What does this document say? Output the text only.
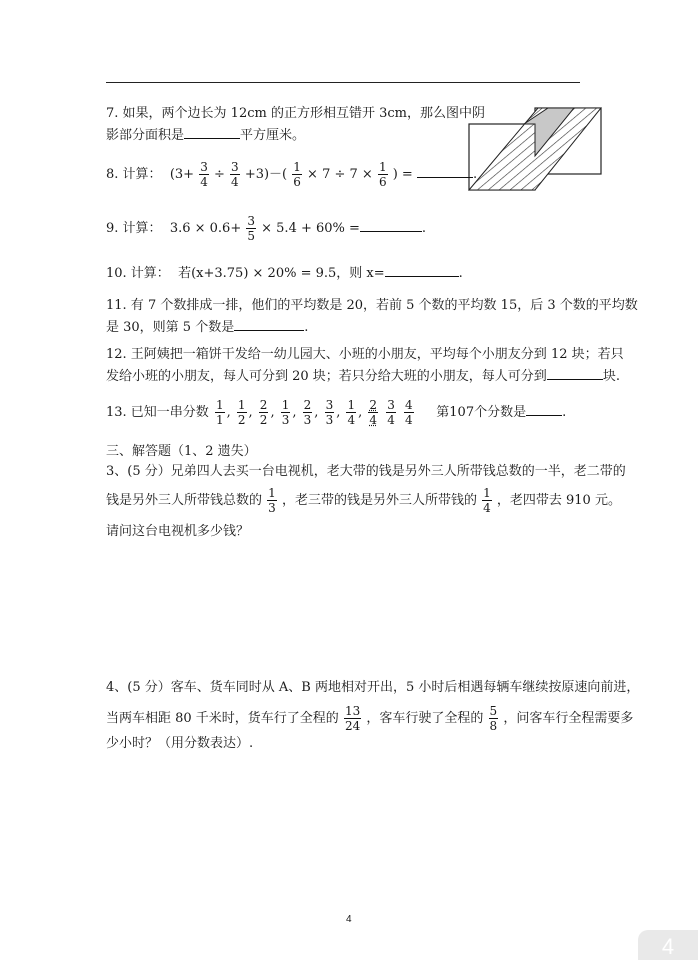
7. 如果，两个边长为 12cm 的正方形相互错开 3cm，那么图中阴
影部分面积是	平方厘米。
8. 计算： $(3+ \frac{3}{4} \div \frac{3}{4} +3)-( \frac{1}{6} \times 7 \div 7 \times \frac{1}{6}$ ) =	.
9. 计算： $3.6 \times 0.6+ \frac{3}{5} \times 5.4 + 60\%$ =	.
10. 计算： 若(x+3.75) × 20% = 9.5，则 x=	.
11. 有 7 个数排成一排，他们的平均数是 20，若前 5 个数的平均数 15，后 3 个数的平均数
是 30，则第 5 个数是	.
12. 王阿姨把一箱饼干发给一幼儿园大、小班的小朋友，平均每个小朋友分到 12 块；若只
发给小班的小朋友，每人可分到 20 块；若只分给大班的小朋友，每人可分到	块.
13. 已知一串分数 $\frac{1}{1}$ , $\frac{1}{2}$ , $\frac{2}{2}$ , $\frac{1}{3}$ , $\frac{2}{3}$ , $\frac{3}{3}$ , $\frac{1}{4}$ , $\frac{2}{4}$
$\frac{3}{4}$
$\frac{4}{4}$ 第107个分数是	.
三、解答题（1、2 遗失）
3、(5 分）兄弟四人去买一台电视机，老大带的钱是另外三人所带钱总数的一半，老二带的
钱是另外三人所带钱总数的 $\frac{1}{3}$ ，老三带的钱是另外三人所带钱的 $\frac{1}{4}$ ，老四带去 910 元。
请问这台电视机多少钱？
4、(5 分）客车、货车同时从 A、B 两地相对开出，5 小时后相遇每辆车继续按原速向前进，
当两车相距 80 千米时，货车行了全程的 $\frac{13}{24}$ ，客车行驶了全程的 $\frac{5}{8}$ ，问客车行全程需要多
少小时？（用分数表达）.
4
4
